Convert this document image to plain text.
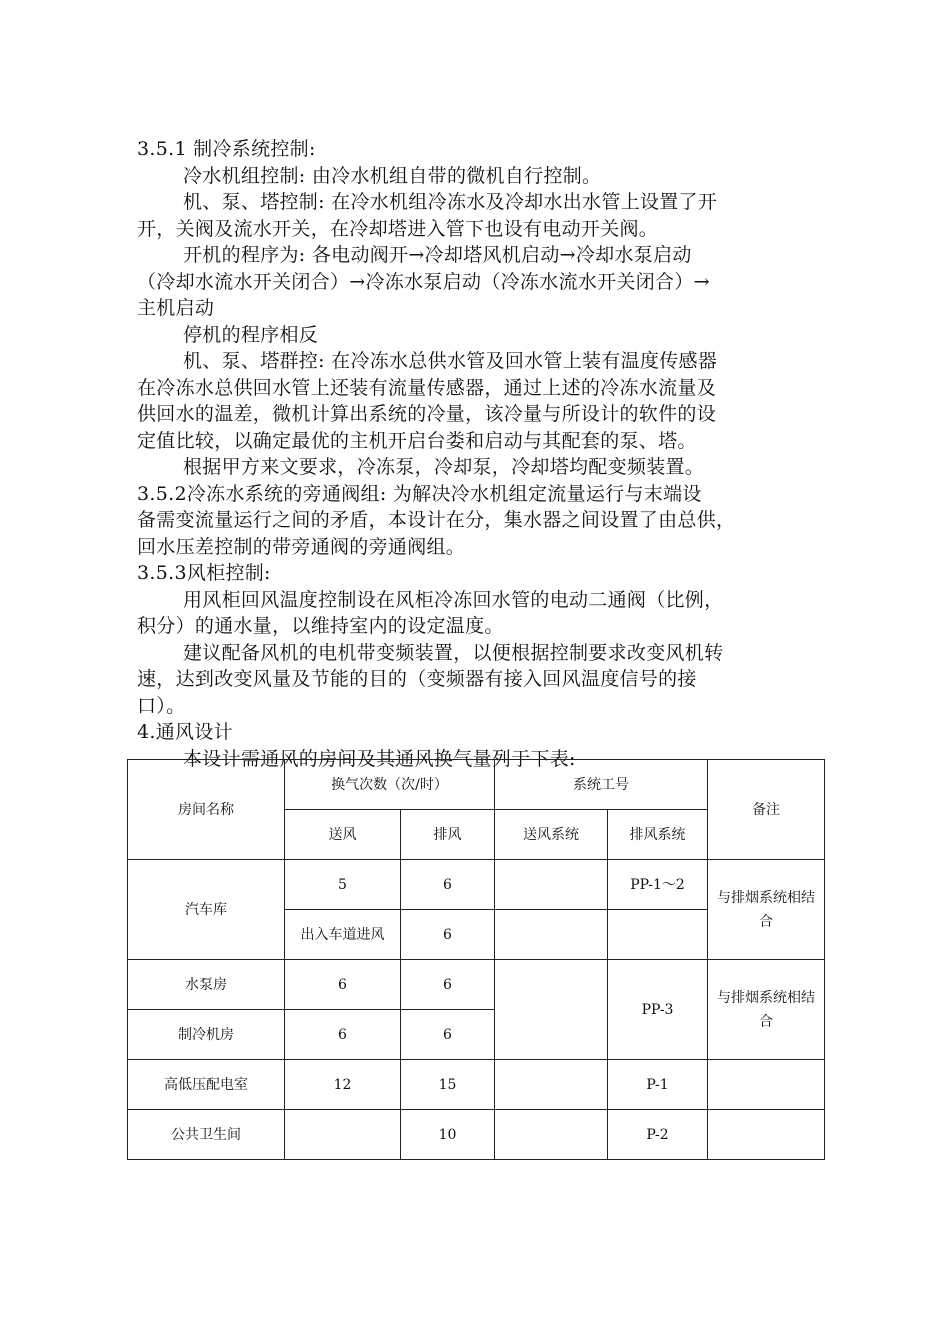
3.5.1 制冷系统控制:
冷水机组控制: 由冷水机组自带的微机自行控制。
机、泵、塔控制: 在冷水机组冷冻水及冷却水出水管上设置了开
开，关阀及流水开关，在冷却塔进入管下也设有电动开关阀。
开机的程序为: 各电动阀开→冷却塔风机启动→冷却水泵启动
（冷却水流水开关闭合）→冷冻水泵启动（冷冻水流水开关闭合）→
主机启动
停机的程序相反
机、泵、塔群控: 在冷冻水总供水管及回水管上装有温度传感器
在冷冻水总供回水管上还装有流量传感器，通过上述的冷冻水流量及
供回水的温差，微机计算出系统的冷量，该冷量与所设计的软件的设
定值比较，以确定最优的主机开启台娄和启动与其配套的泵、塔。
根据甲方来文要求，冷冻泵，冷却泵，冷却塔均配变频装置。
3.5.2冷冻水系统的旁通阀组: 为解决冷水机组定流量运行与末端设
备需变流量运行之间的矛盾，本设计在分，集水器之间设置了由总供，
回水压差控制的带旁通阀的旁通阀组。
3.5.3风柜控制:
用风柜回风温度控制设在风柜冷冻回水管的电动二通阀（比例，
积分）的通水量，以维持室内的设定温度。
建议配备风机的电机带变频装置，以便根据控制要求改变风机转
速，达到改变风量及节能的目的（变频器有接入回风温度信号的接
口）。
4.通风设计
本设计需通风的房间及其通风换气量列于下表:
房间名称	换气次数（次/时）		系统工号		备注
	送风	排风	送风系统	排风系统	
汽车库	5	6		PP-1～2	与排烟系统相结合
	出入车道进风	6			
水泵房	6	6		PP-3	与排烟系统相结合
制冷机房	6	6			
高低压配电室	12	15		P-1	
公共卫生间		10		P-2	
